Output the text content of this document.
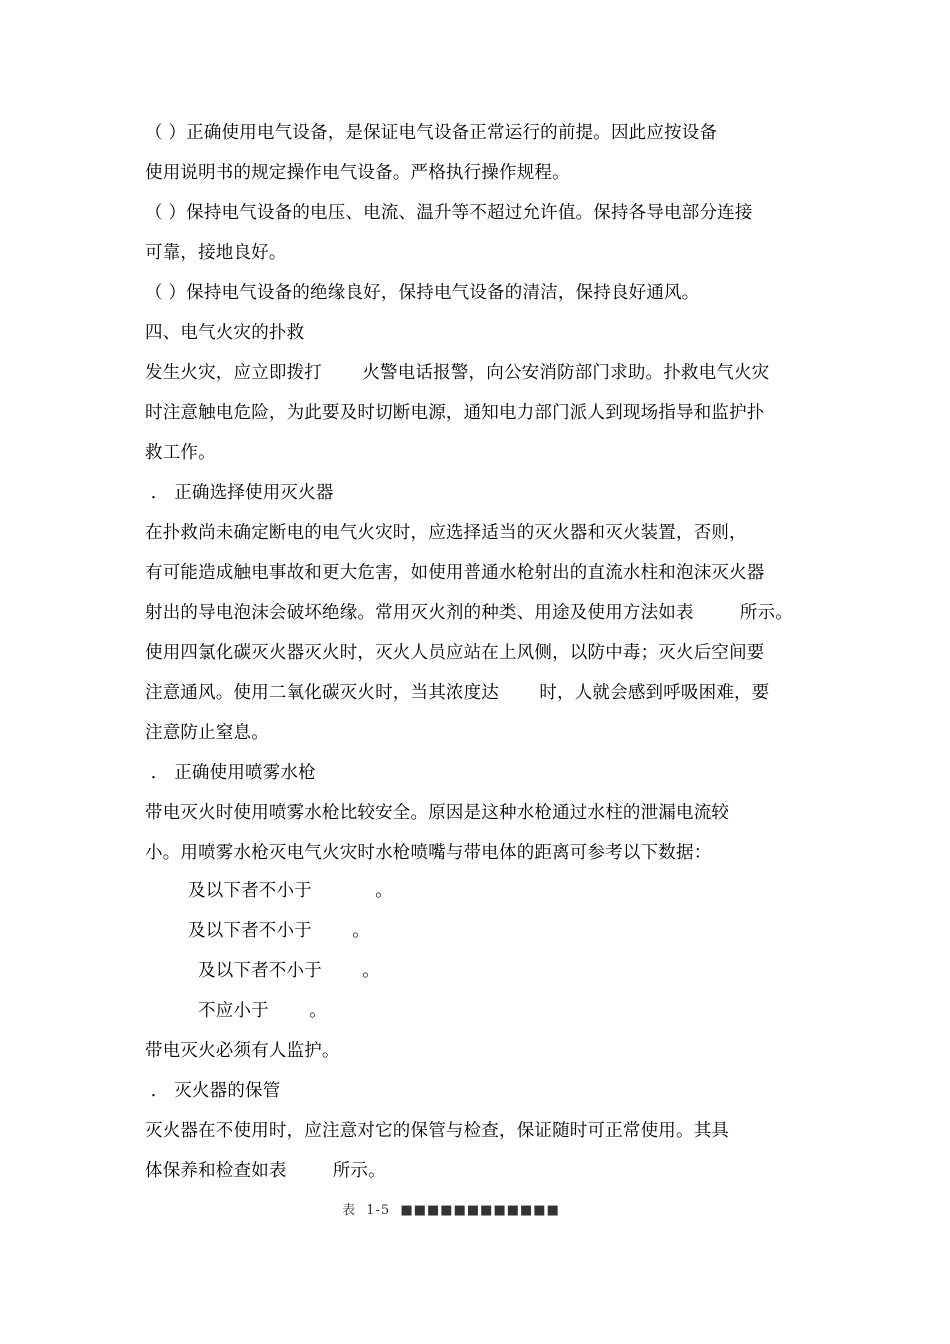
（ ）正确使用电气设备，是保证电气设备正常运行的前提。因此应按设备
使用说明书的规定操作电气设备。严格执行操作规程。
（ ）保持电气设备的电压、电流、温升等不超过允许值。保持各导电部分连接
可靠，接地良好。
（ ）保持电气设备的绝缘良好，保持电气设备的清洁，保持良好通风。
四、电气火灾的扑救
发生火灾，应立即拨打       火警电话报警，向公安消防部门求助。扑救电气火灾
时注意触电危险，为此要及时切断电源，通知电力部门派人到现场指导和监护扑
救工作。
． 正确选择使用灭火器
在扑救尚未确定断电的电气火灾时，应选择适当的灭火器和灭火装置，否则，
有可能造成触电事故和更大危害，如使用普通水枪射出的直流水柱和泡沫灭火器
射出的导电泡沫会破坏绝缘。常用灭火剂的种类、用途及使用方法如表        所示。
使用四氯化碳灭火器灭火时，灭火人员应站在上风侧，以防中毒；灭火后空间要
注意通风。使用二氧化碳灭火时，当其浓度达       时，人就会感到呼吸困难，要
注意防止窒息。
． 正确使用喷雾水枪
带电灭火时使用喷雾水枪比较安全。原因是这种水枪通过水柱的泄漏电流较
小。用喷雾水枪灭电气火灾时水枪喷嘴与带电体的距离可参考以下数据：
及以下者不小于           。
及以下者不小于       。
及以下者不小于       。
不应小于       。
带电灭火必须有人监护。
． 灭火器的保管
灭火器在不使用时，应注意对它的保管与检查，保证随时可正常使用。其具
体保养和检查如表        所示。
表  1-5  ■■■■■■■■■■■■
